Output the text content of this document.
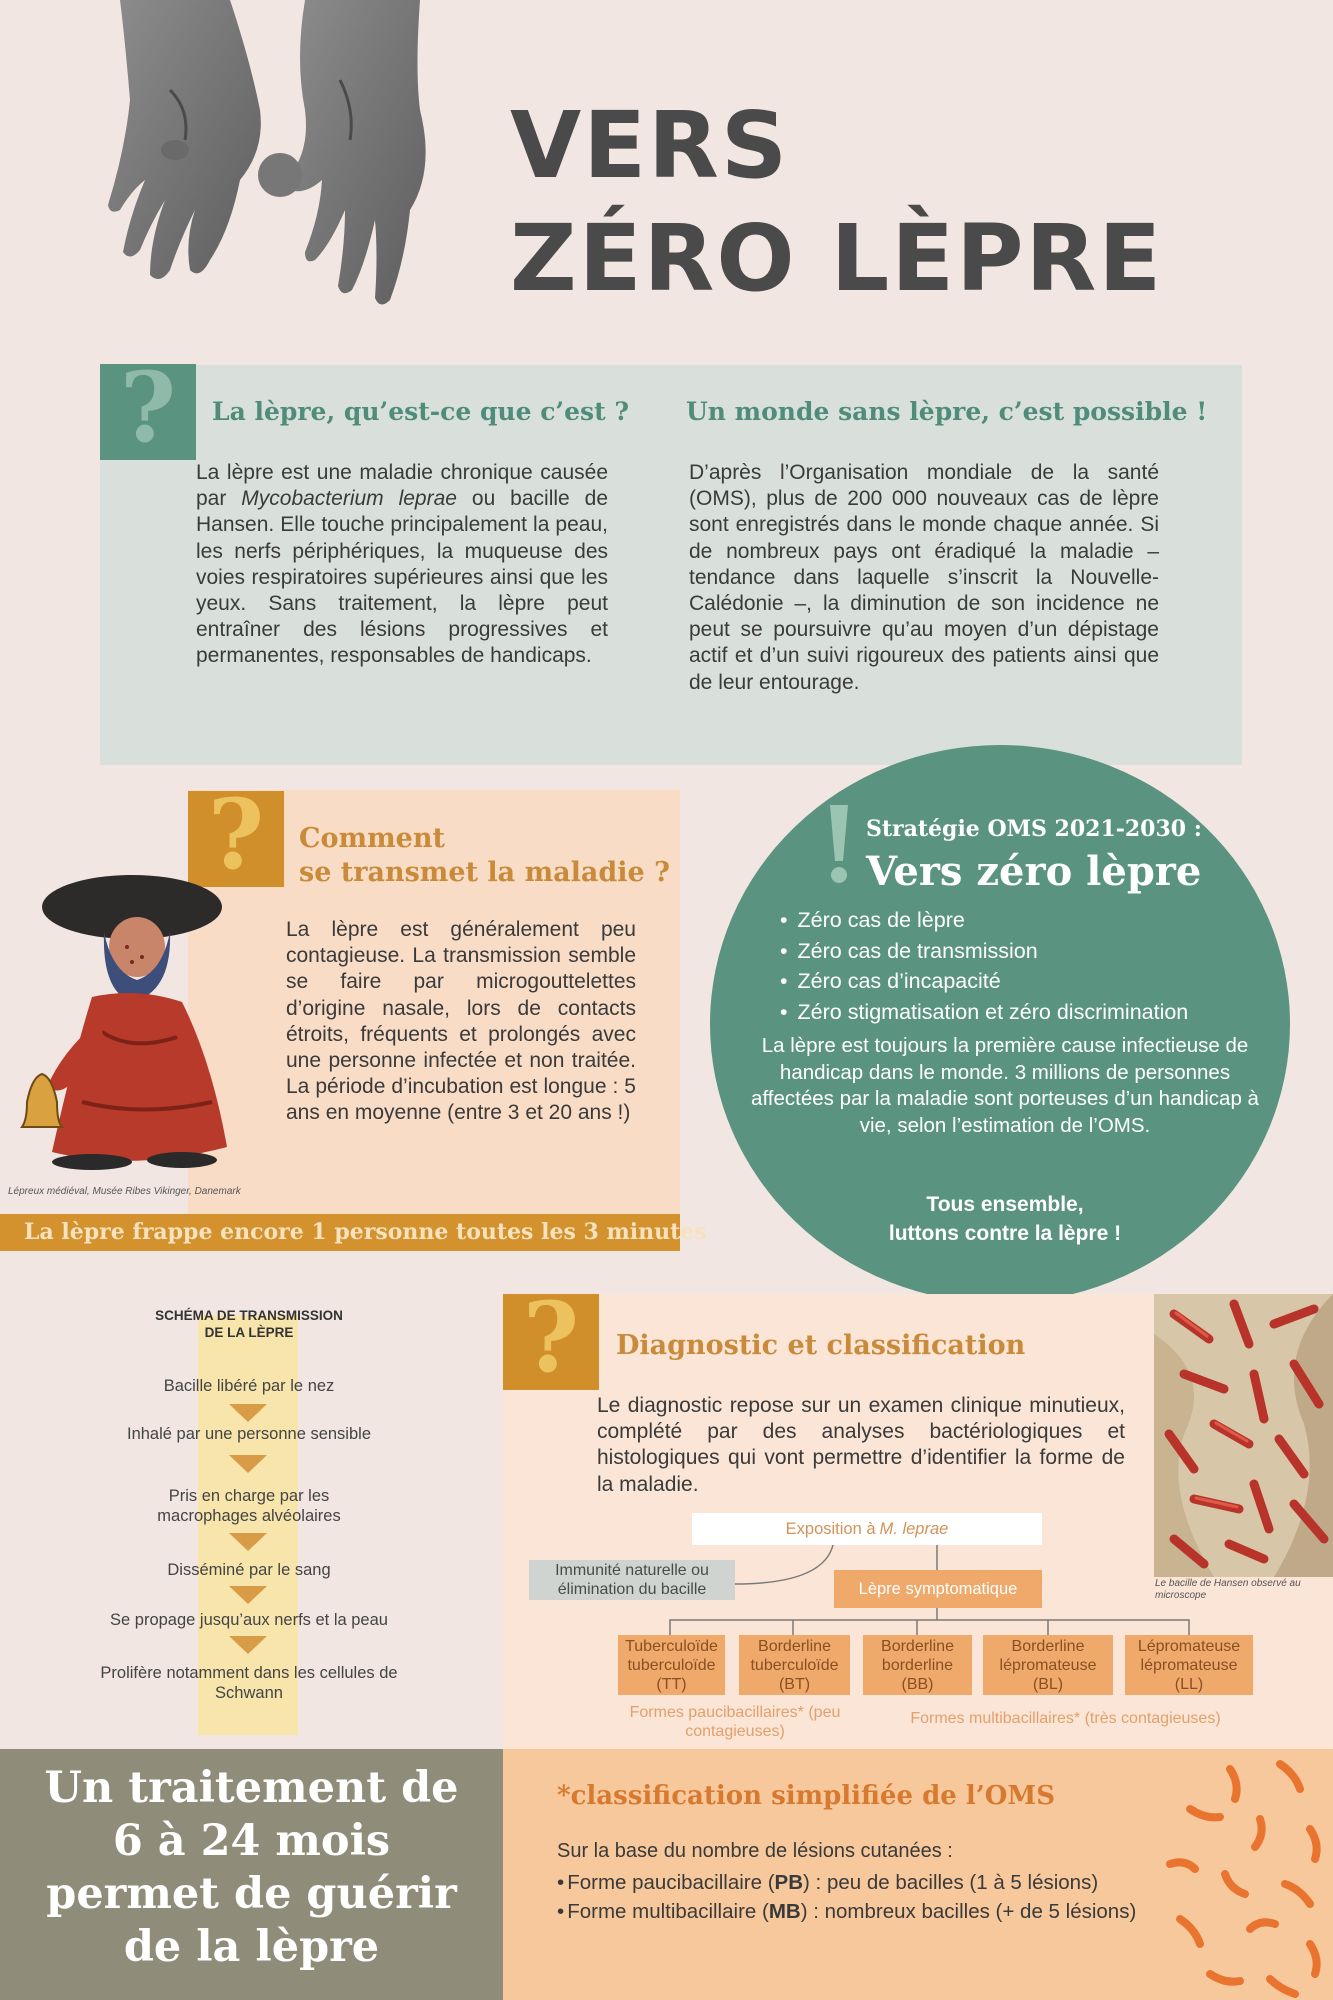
VERS
ZÉRO LÈPRE
? La lèpre, qu’est-ce que c’est ? Un monde sans lèpre, c’est possible !

La lèpre est une maladie chronique causée par Mycobacterium leprae ou bacille de Hansen. Elle touche principalement la peau, les nerfs périphériques, la muqueuse des voies respiratoires supérieures ainsi que les yeux. Sans traitement, la lèpre peut entraîner des lésions progressives et permanentes, responsables de handicaps.

D’après l’Organisation mondiale de la santé (OMS), plus de 200 000 nouveaux cas de lèpre sont enregistrés dans le monde chaque année. Si de nombreux pays ont éradiqué la maladie – tendance dans laquelle s’inscrit la Nouvelle-Calédonie –, la diminution de son incidence ne peut se poursuivre qu’au moyen d’un dépistage actif et d’un suivi rigoureux des patients ainsi que de leur entourage.

? Comment
se transmet la maladie ?

La lèpre est généralement peu contagieuse. La transmission semble se faire par microgouttelettes d’origine nasale, lors de contacts étroits, fréquents et prolongés avec une personne infectée et non traitée. La période d’incubation est longue : 5 ans en moyenne (entre 3 et 20 ans !)

Lépreux médiéval, Musée Ribes Vikinger, Danemark
La lèpre frappe encore 1 personne toutes les 3 minutes
Stratégie OMS 2021-2030 :
Vers zéro lèpre
• Zéro cas de lèpre
• Zéro cas de transmission
• Zéro cas d’incapacité
• Zéro stigmatisation et zéro discrimination

La lèpre est toujours la première cause infectieuse de handicap dans le monde. 3 millions de personnes affectées par la maladie sont porteuses d’un handicap à vie, selon l’estimation de l’OMS.

Tous ensemble,
luttons contre la lèpre !
SCHÉMA DE TRANSMISSION
DE LA LÈPRE
Bacille libéré par le nez
Inhalé par une personne sensible
Pris en charge par les macrophages alvéolaires
Disséminé par le sang
Se propage jusqu’aux nerfs et la peau
Prolifère notamment dans les cellules de Schwann
? Diagnostic et classification

Le diagnostic repose sur un examen clinique minutieux, complété par des analyses bactériologiques et histologiques qui vont permettre d’identifier la forme de la maladie.

Le bacille de Hansen observé au microscope
Exposition à M. leprae
Immunité naturelle ou élimination du bacille	Lèpre symptomatique
Tuberculoïde tuberculoïde
(TT)
Borderline tuberculoïde
(BT)
Borderline borderline
(BB)
Borderline lépromateuse
(BL)
Lépromateuse lépromateuse
(LL)
Formes paucibacillaires* (peu contagieuses)
Formes multibacillaires* (très contagieuses)
Un traitement de 6 à 24 mois permet de guérir de la lèpre
*classification simplifiée de l’OMS
Sur la base du nombre de lésions cutanées :
• Forme paucibacillaire (PB) : peu de bacilles (1 à 5 lésions)
• Forme multibacillaire (MB) : nombreux bacilles (+ de 5 lésions)
